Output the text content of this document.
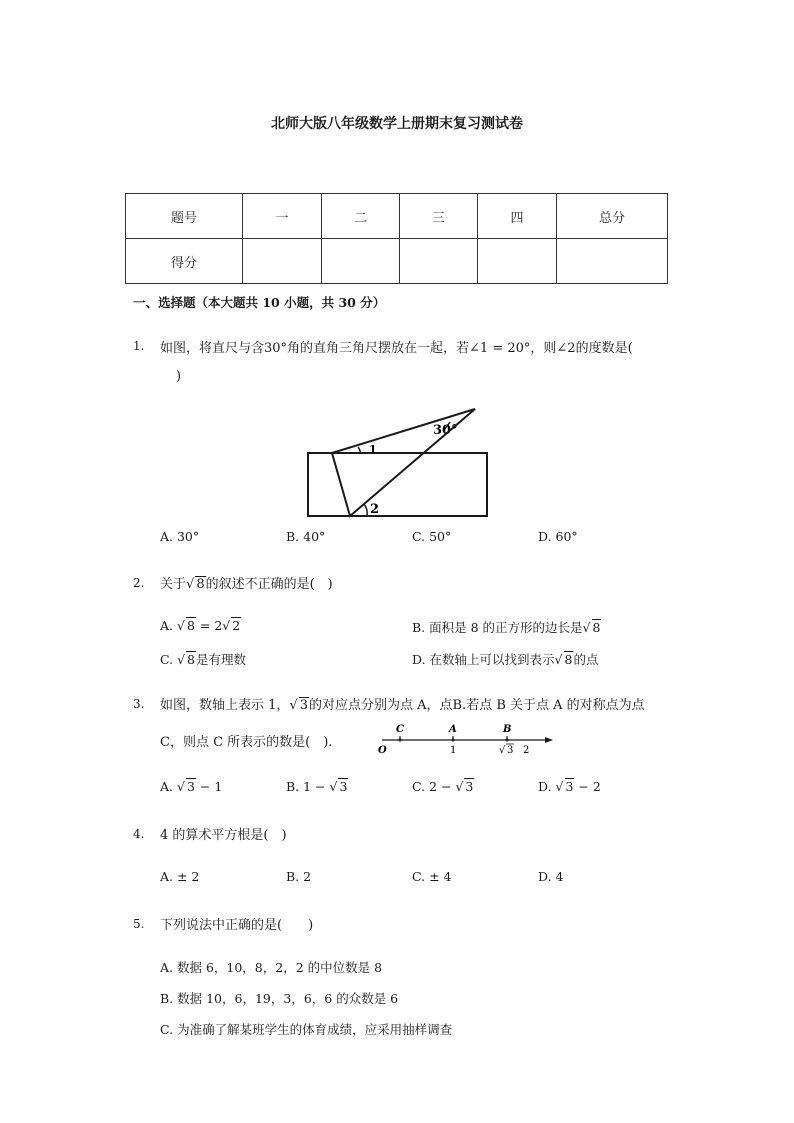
北师大版八年级数学上册期末复习测试卷
题号	一	二	三	四	总分
得分					
一、选择题（本大题共 10 小题，共 30 分）
1. 如图，将直尺与含30°角的直角三角尺摆放在一起，若∠1 = 20°，则∠2的度数是(
)
30°
1
2
A. 30°	B. 40°	C. 50°	D. 60°
2. 关于√ 8的叙述不正确的是(　)
A. √ 8 = 2√ 2	B. 面积是 8 的正方形的边长是√ 8
C. √ 8是有理数	D. 在数轴上可以找到表示√ 8的点
3. 如图，数轴上表示 1，√ 3的对应点分别为点 A，点B.若点 B 关于点 A 的对称点为点
C，则点 C 所表示的数是(　).
C	A	B
O	1	√ 3 2
A. √ 3 − 1	B. 1 − √ 3	C. 2 − √ 3	D. √ 3 − 2
4. 4 的算术平方根是(　)
A. ± 2	B. 2	C. ± 4	D. 4
5. 下列说法中正确的是(　　)
A. 数据 6，10，8，2，2 的中位数是 8
B. 数据 10，6，19，3，6，6 的众数是 6
C. 为准确了解某班学生的体育成绩，应采用抽样调查
